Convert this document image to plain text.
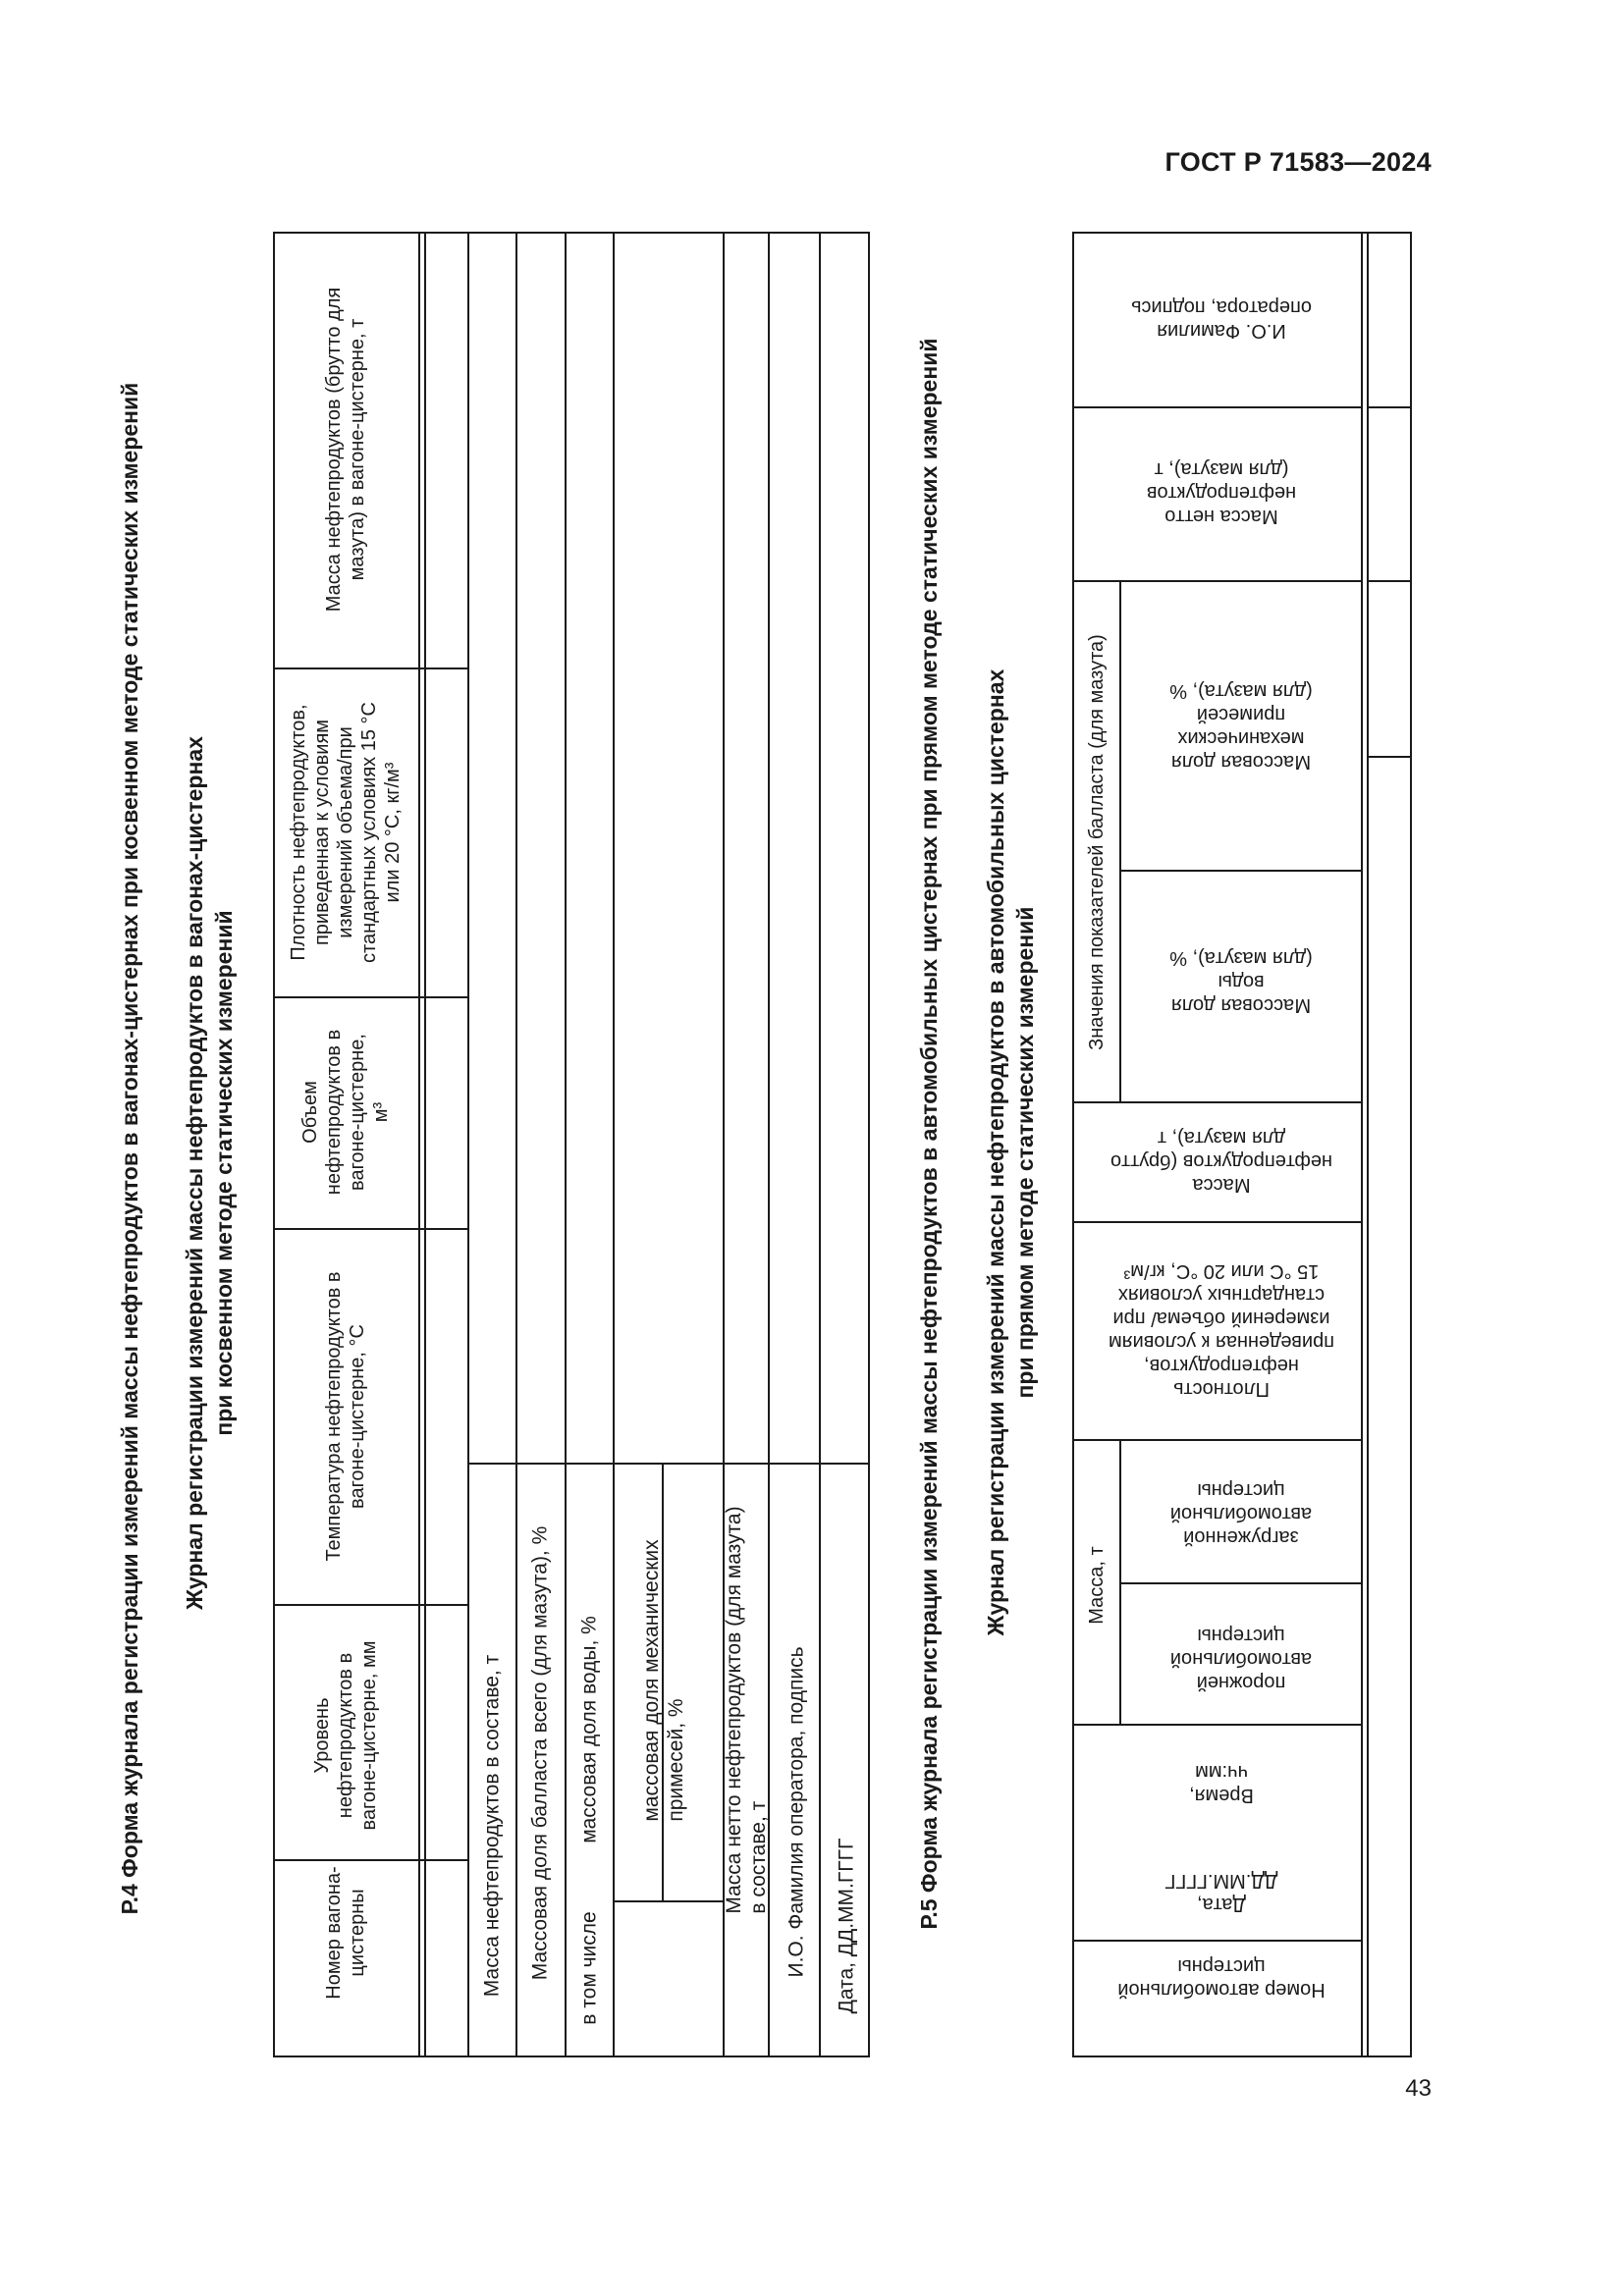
ГОСТ Р 71583—2024
43
Р.4 Форма журнала регистрации измерений массы нефтепродуктов в вагонах-цистернах при косвенном методе статических измерений Журнал регистрации измерений массы нефтепродуктов в вагонах-цистернах при косвенном методе статических измерений
Номер вагона- цистерны
Уровень нефтепродуктов в вагоне-цистерне, мм
Температура нефтепродуктов в вагоне-цистерне, °С
Объем нефтепродуктов в вагоне-цистерне, м³
Плотность нефтепродуктов, приведенная к условиям измерений объема/при стандартных условиях 15 °С или 20 °С, кг/м³
Масса нефтепродуктов (брутто для мазута) в вагоне-цистерне, т
Масса нефтепродуктов в составе, т Массовая доля балласта всего (для мазута), % в том числе
массовая доля воды, % массовая доля механических примесей, % Масса нетто нефтепродуктов (для мазута) в составе, т И.О. Фамилия оператора, подпись Дата, ДД.ММ.ГГГГ	Р.5 Форма журнала регистрации измерений массы нефтепродуктов в автомобильных цистернах при прямом методе статических измерений Журнал регистрации измерений массы нефтепродуктов в автомобильных цистернах при прямом методе статических измерений
Номер автомобильной
цистерны
Дата,
ДД.ММ.ГГГГ
Время,
чч:мм
Масса, т
порожней
автомобильной
цистерны
загруженной
автомобильной
цистерны
Плотность
нефтепродуктов,
приведенная к условиям
измерений объема/ при
стандартных условиях
15 °С или 20 °С, кг/м³
Масса
нефтепродуктов (брутто
для мазута), т
Значения показателей балласта (для мазута)	Массовая доля
воды
(для мазута), %
Массовая доля
механических
примесей
(для мазута), %
Масса нетто
нефтепродуктов
(для мазута), т
И.О. Фамилия
оператора, подпись
